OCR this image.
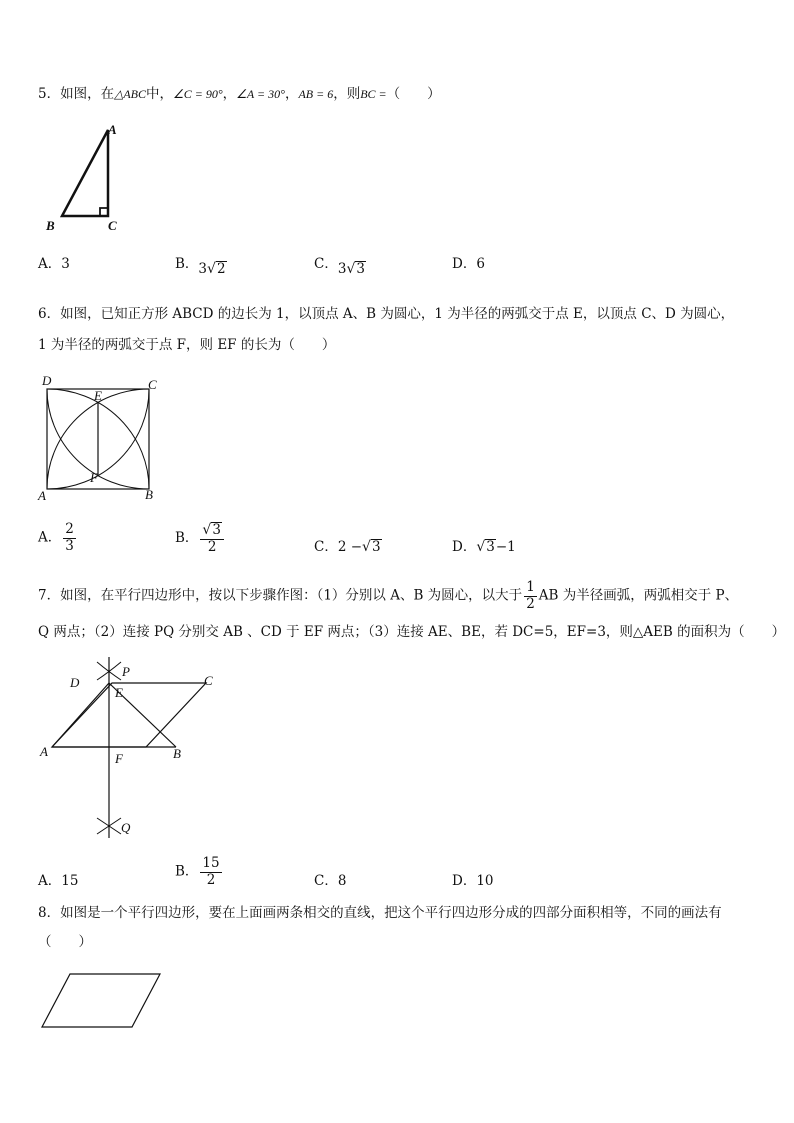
5．如图，在△ABC中，∠C = 90°，∠A = 30°，AB = 6，则BC =（　　）
A
B	C
A．3	B．3√2	C．3√3	D．6
6．如图，已知正方形 ABCD 的边长为 1，以顶点 A、B 为圆心，1 为半径的两弧交于点 E，以顶点 C、D 为圆心，
1 为半径的两弧交于点 F，则 EF 的长为（　　）
D	C
E
F
A	B
A． $\frac{2}{3}$	B． $\frac{√3}{2}$	C．2 −√3	D．√3−1
7．如图，在平行四边形中，按以下步骤作图：（1）分别以 A、B 为圆心，以大于 $\frac{1}{2}$ AB 为半径画弧，两弧相交于 P、
Q 两点；（2）连接 PQ 分别交 AB 、CD 于 EF 两点；（3）连接 AE、BE，若 DC=5，EF=3，则△AEB 的面积为（　　）
P
D
E
C
A	F	B
Q
A．15
B． $\frac{15}{2}$	C．8	D．10
8．如图是一个平行四边形，要在上面画两条相交的直线，把这个平行四边形分成的四部分面积相等，不同的画法有
（　　）
